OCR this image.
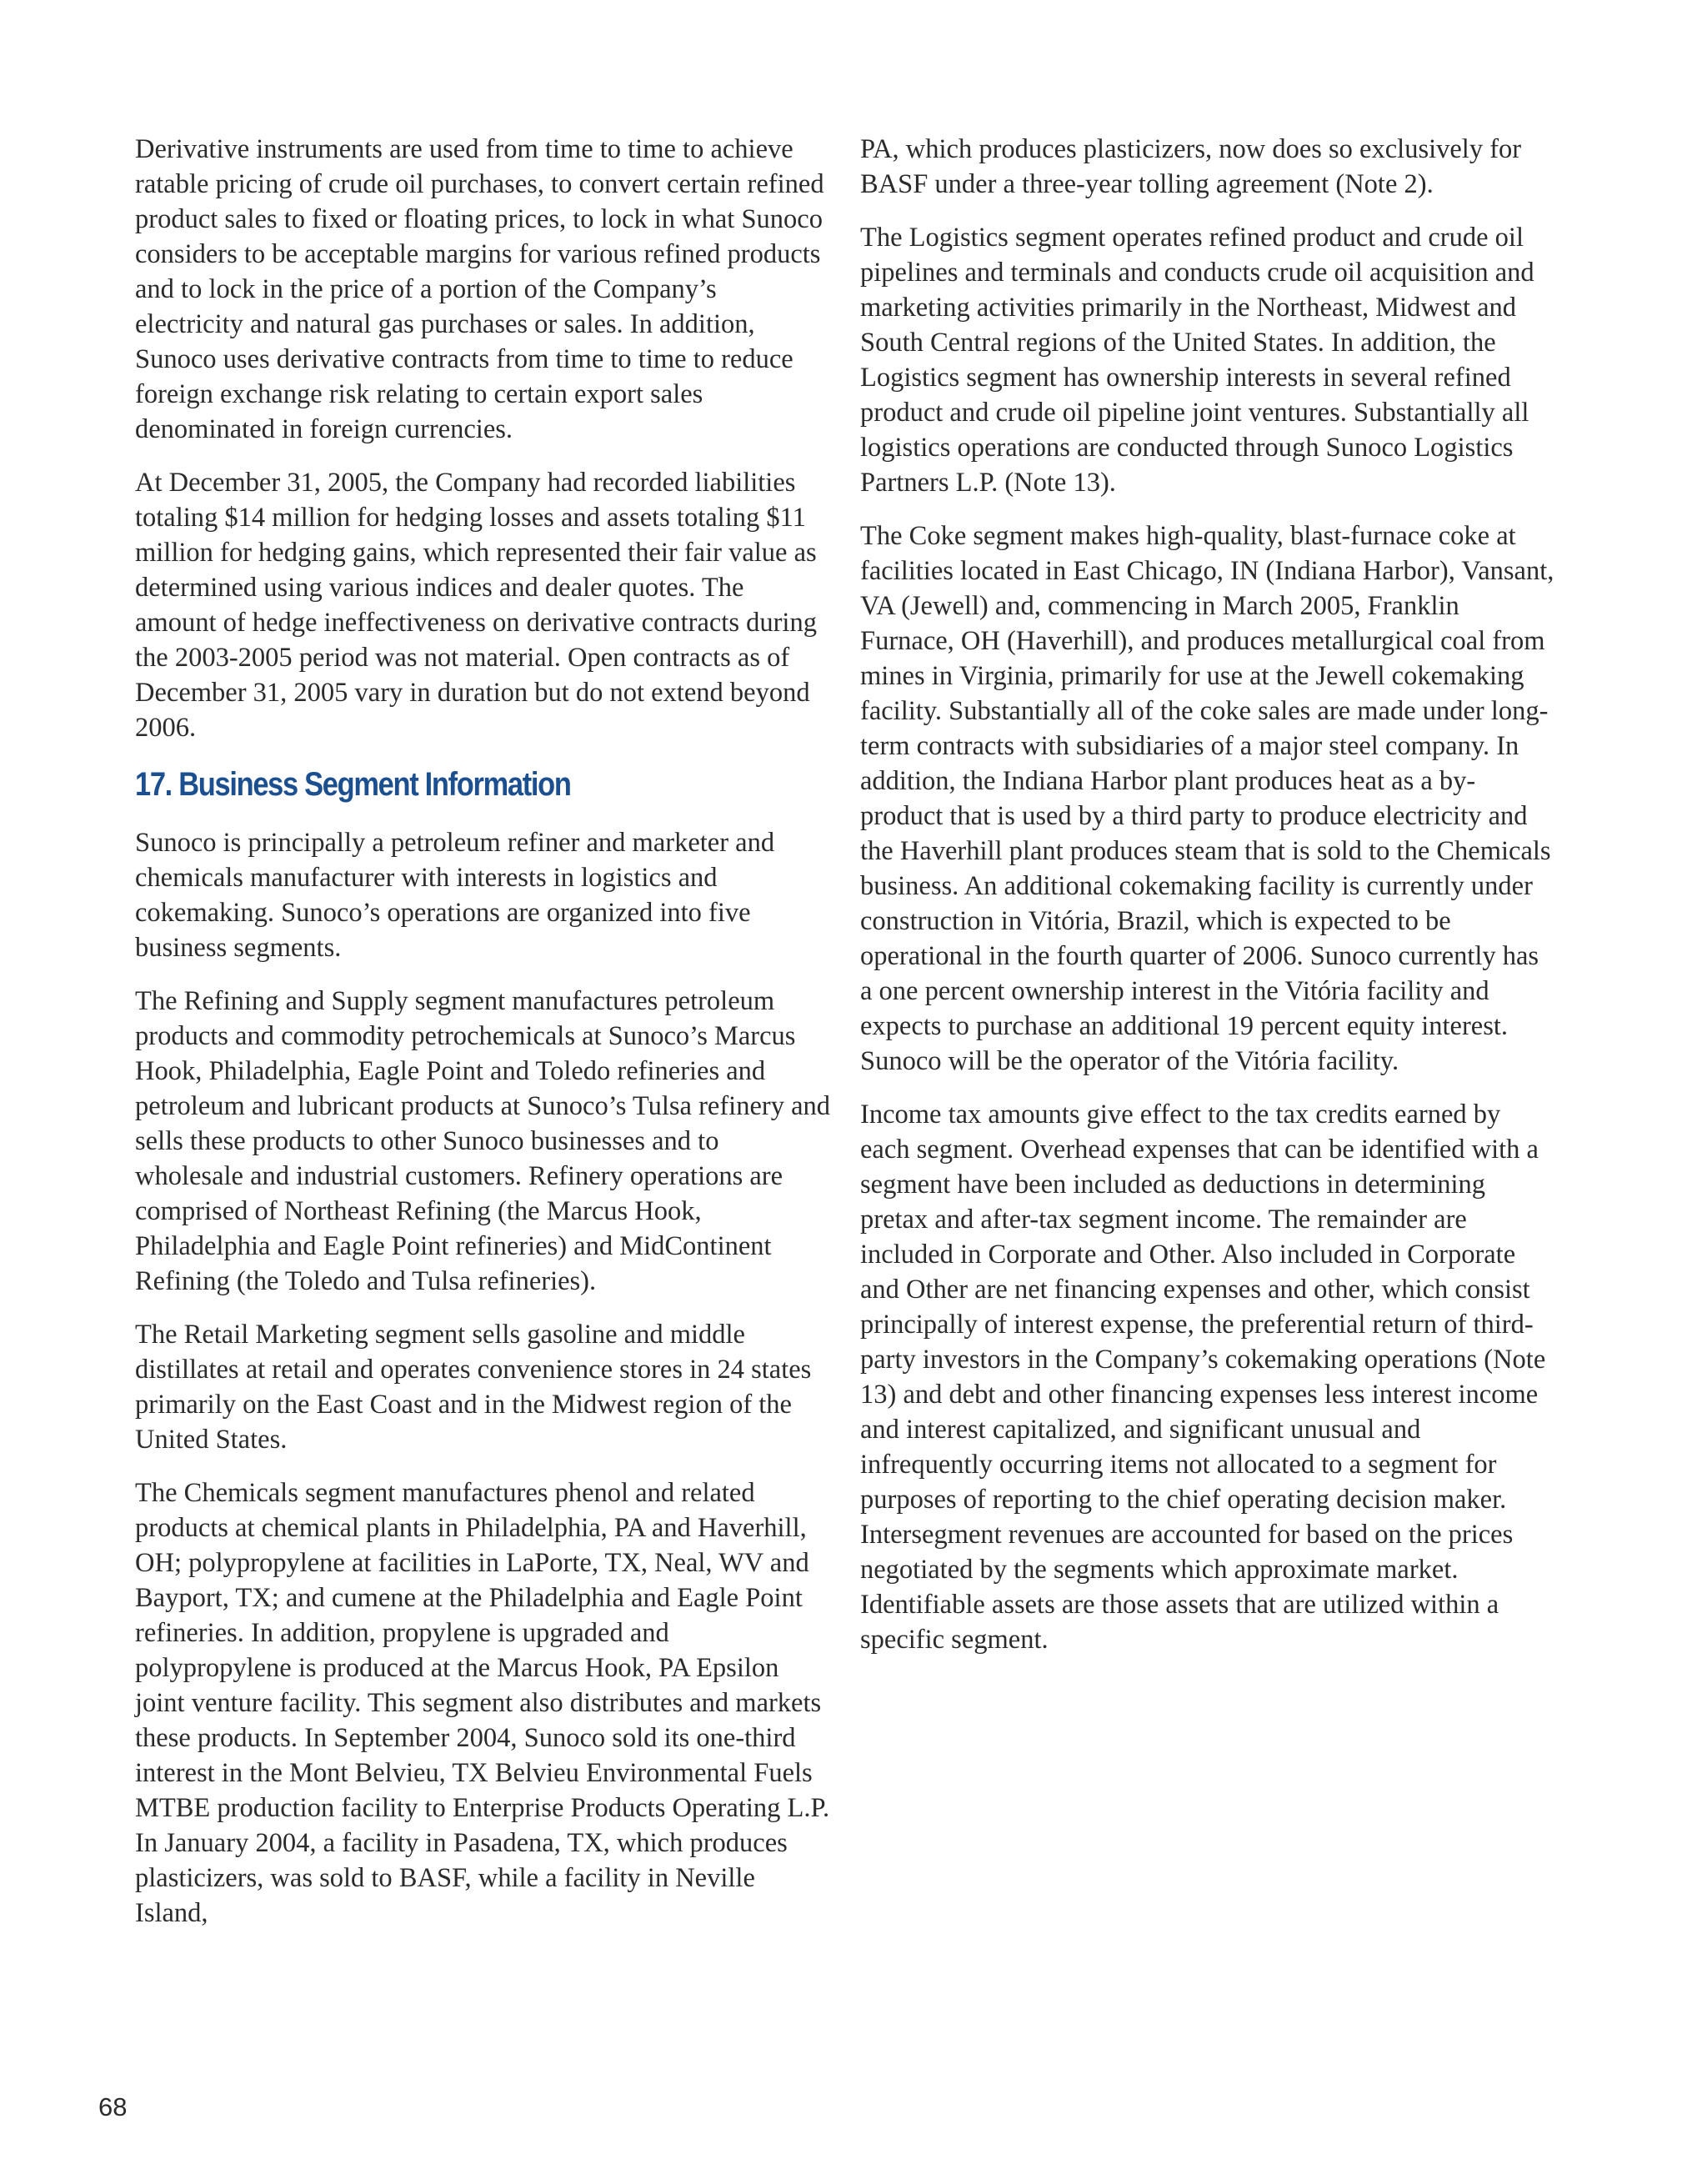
Derivative instruments are used from time to time to achieve ratable pricing of crude oil purchases, to convert certain refined product sales to fixed or floating prices, to lock in what Sunoco considers to be acceptable margins for various refined products and to lock in the price of a portion of the Company’s electricity and natural gas purchases or sales. In addition, Sunoco uses derivative contracts from time to time to reduce foreign exchange risk relating to certain export sales denominated in foreign currencies.

At December 31, 2005, the Company had recorded liabilities totaling $14 million for hedging losses and assets totaling $11 million for hedging gains, which represented their fair value as determined using various indices and dealer quotes. The amount of hedge ineffectiveness on derivative contracts during the 2003-2005 period was not material. Open contracts as of December 31, 2005 vary in duration but do not extend beyond 2006.

17. Business Segment Information

Sunoco is principally a petroleum refiner and marketer and chemicals manufacturer with interests in logistics and cokemaking. Sunoco’s operations are organized into five business segments.

The Refining and Supply segment manufactures petroleum products and commodity petrochemicals at Sunoco’s Marcus Hook, Philadelphia, Eagle Point and Toledo refineries and petroleum and lubricant products at Sunoco’s Tulsa refinery and sells these products to other Sunoco businesses and to wholesale and industrial customers. Refinery operations are comprised of Northeast Refining (the Marcus Hook, Philadelphia and Eagle Point refineries) and MidContinent Refining (the Toledo and Tulsa refineries).

The Retail Marketing segment sells gasoline and middle distillates at retail and operates convenience stores in 24 states primarily on the East Coast and in the Midwest region of the United States.

The Chemicals segment manufactures phenol and related products at chemical plants in Philadelphia, PA and Haverhill, OH; polypropylene at facilities in LaPorte, TX, Neal, WV and Bayport, TX; and cumene at the Philadelphia and Eagle Point refineries. In addition, propylene is upgraded and polypropylene is produced at the Marcus Hook, PA Epsilon joint venture facility. This segment also distributes and markets these products. In September 2004, Sunoco sold its one-third interest in the Mont Belvieu, TX Belvieu Environmental Fuels MTBE production facility to Enterprise Products Operating L.P. In January 2004, a facility in Pasadena, TX, which produces plasticizers, was sold to BASF, while a facility in Neville Island,

PA, which produces plasticizers, now does so exclusively for BASF under a three-year tolling agreement (Note 2).

The Logistics segment operates refined product and crude oil pipelines and terminals and conducts crude oil acquisition and marketing activities primarily in the Northeast, Midwest and South Central regions of the United States. In addition, the Logistics segment has ownership interests in several refined product and crude oil pipeline joint ventures. Substantially all logistics operations are conducted through Sunoco Logistics Partners L.P. (Note 13).

The Coke segment makes high-quality, blast-furnace coke at facilities located in East Chicago, IN (Indiana Harbor), Vansant, VA (Jewell) and, commencing in March 2005, Franklin Furnace, OH (Haverhill), and produces metallurgical coal from mines in Virginia, primarily for use at the Jewell cokemaking facility. Substantially all of the coke sales are made under long-term contracts with subsidiaries of a major steel company. In addition, the Indiana Harbor plant produces heat as a by-product that is used by a third party to produce electricity and the Haverhill plant produces steam that is sold to the Chemicals business. An additional cokemaking facility is currently under construction in Vitória, Brazil, which is expected to be operational in the fourth quarter of 2006. Sunoco currently has a one percent ownership interest in the Vitória facility and expects to purchase an additional 19 percent equity interest. Sunoco will be the operator of the Vitória facility.

Income tax amounts give effect to the tax credits earned by each segment. Overhead expenses that can be identified with a segment have been included as deductions in determining pretax and after-tax segment income. The remainder are included in Corporate and Other. Also included in Corporate and Other are net financing expenses and other, which consist principally of interest expense, the preferential return of third-party investors in the Company’s cokemaking operations (Note 13) and debt and other financing expenses less interest income and interest capitalized, and significant unusual and infrequently occurring items not allocated to a segment for purposes of reporting to the chief operating decision maker. Intersegment revenues are accounted for based on the prices negotiated by the segments which approximate market. Identifiable assets are those assets that are utilized within a specific segment.

68
